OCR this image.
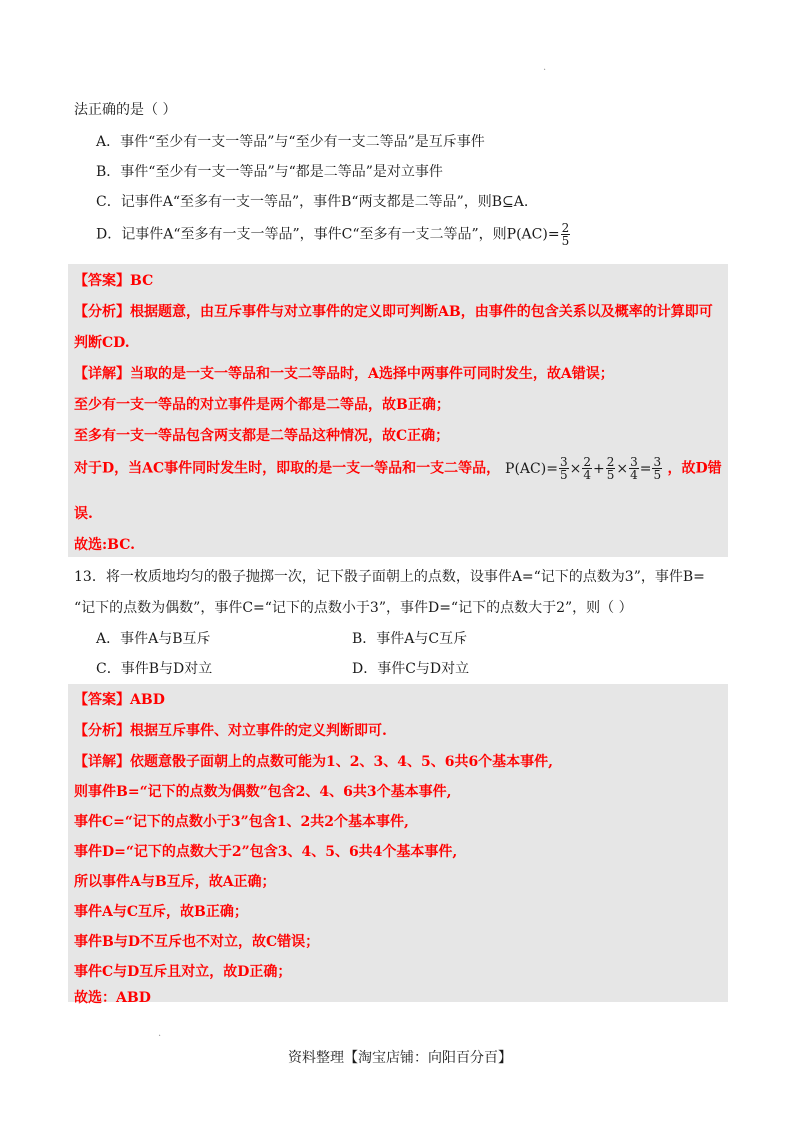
.
法正确的是（ ）
A．事件“至少有一支一等品”与“至少有一支二等品”是互斥事件
B．事件“至少有一支一等品”与“都是二等品”是对立事件
C．记事件A“至多有一支一等品”，事件B“两支都是二等品”，则B⊆A.
D．记事件A“至多有一支一等品”，事件C“至多有一支二等品”，则$P(AC)= \frac{2}{5}$
【答案】BC
【分析】根据题意，由互斥事件与对立事件的定义即可判断AB，由事件的包含关系以及概率的计算即可
判断CD.
【详解】当取的是一支一等品和一支二等品时，A选择中两事件可同时发生，故A错误；
至少有一支一等品的对立事件是两个都是二等品，故B正确；
至多有一支一等品包含两支都是二等品这种情况，故C正确；
对于D，当AC事件同时发生时，即取的是一支一等品和一支二等品， $P(AC)= \frac{3}{5} \times \frac{2}{4} + \frac{2}{5} \times \frac{3}{4} = \frac{3}{5}$ ，故D错
误.
故选:BC.
13．将一枚质地均匀的骰子抛掷一次，记下骰子面朝上的点数，设事件A=“记下的点数为3”，事件B=
“记下的点数为偶数”，事件C=“记下的点数小于3”，事件D=“记下的点数大于2”，则（ ）
A．事件A与B互斥	B．事件A与C互斥
C．事件B与D对立	D．事件C与D对立
【答案】ABD
【分析】根据互斥事件、对立事件的定义判断即可.
【详解】依题意骰子面朝上的点数可能为1、2、3、4、5、6共6个基本事件,
则事件B=“记下的点数为偶数”包含2、4、6共3个基本事件,
事件C=“记下的点数小于3”包含1、2共2个基本事件,
事件D=“记下的点数大于2”包含3、4、5、6共4个基本事件,
所以事件A与B互斥，故A正确；
事件A与C互斥，故B正确；
事件B与D不互斥也不对立，故C错误；
事件C与D互斥且对立，故D正确；
故选：ABD
.
资料整理【淘宝店铺：向阳百分百】
